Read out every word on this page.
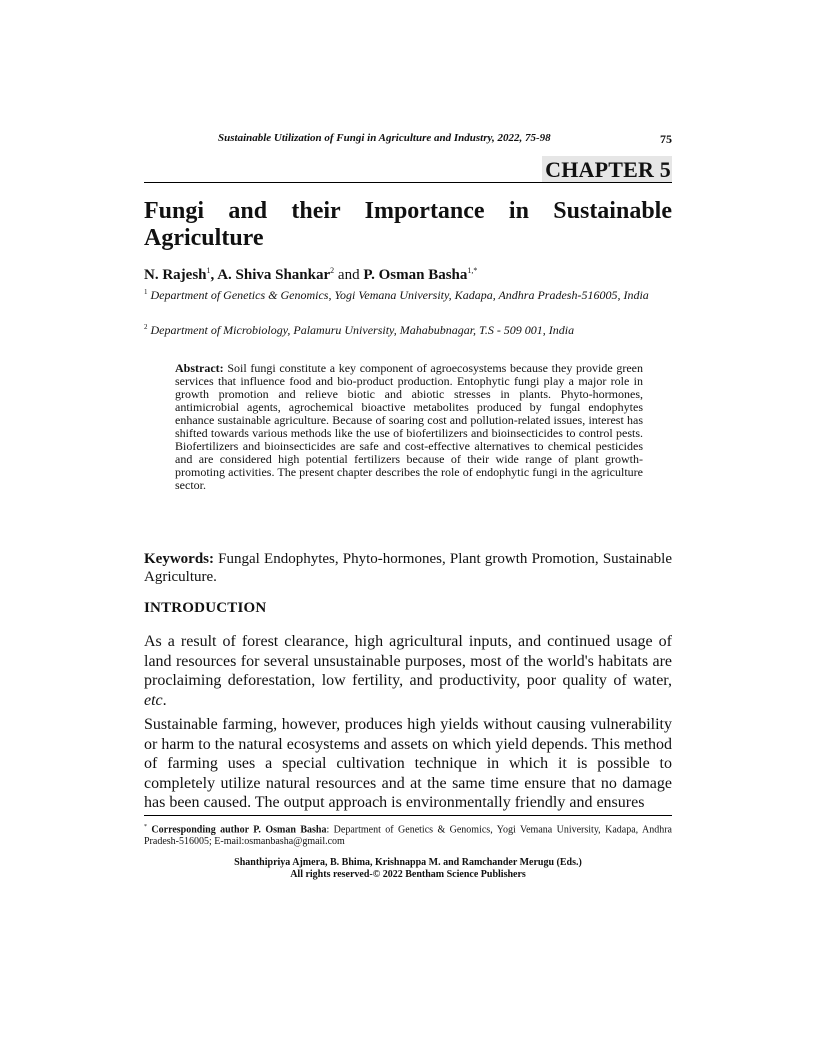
Sustainable Utilization of Fungi in Agriculture and Industry, 2022, 75-98	75
CHAPTER 5
Fungi and their Importance in Sustainable
Agriculture
N. Rajesh$^1$, A. Shiva Shankar$^2$ and P. Osman Basha$^{1,*}$
$^1$ Department of Genetics & Genomics, Yogi Vemana University, Kadapa, Andhra Pradesh-516005, India
$^2$ Department of Microbiology, Palamuru University, Mahabubnagar, T.S - 509 001, India
Abstract: Soil fungi constitute a key component of agroecosystems because they provide green services that influence food and bio-product production. Entophytic fungi play a major role in growth promotion and relieve biotic and abiotic stresses in plants. Phyto-hormones, antimicrobial agents, agrochemical bioactive metabolites produced by fungal endophytes enhance sustainable agriculture. Because of soaring cost and pollution-related issues, interest has shifted towards various methods like the use of biofertilizers and bioinsecticides to control pests. Biofertilizers and bioinsecticides are safe and cost-effective alternatives to chemical pesticides and are considered high potential fertilizers because of their wide range of plant growth-promoting activities. The present chapter describes the role of endophytic fungi in the agriculture sector.
Keywords: Fungal Endophytes, Phyto-hormones, Plant growth Promotion, Sustainable Agriculture.
INTRODUCTION
As a result of forest clearance, high agricultural inputs, and continued usage of land resources for several unsustainable purposes, most of the world's habitats are proclaiming deforestation, low fertility, and productivity, poor quality of water, etc.
Sustainable farming, however, produces high yields without causing vulnerability or harm to the natural ecosystems and assets on which yield depends. This method of farming uses a special cultivation technique in which it is possible to completely utilize natural resources and at the same time ensure that no damage has been caused. The output approach is environmentally friendly and ensures
* Corresponding author P. Osman Basha: Department of Genetics & Genomics, Yogi Vemana University, Kadapa, Andhra Pradesh-516005; E-mail:osmanbasha@gmail.com
Shanthipriya Ajmera, B. Bhima, Krishnappa M. and Ramchander Merugu (Eds.)
All rights reserved-© 2022 Bentham Science Publishers
